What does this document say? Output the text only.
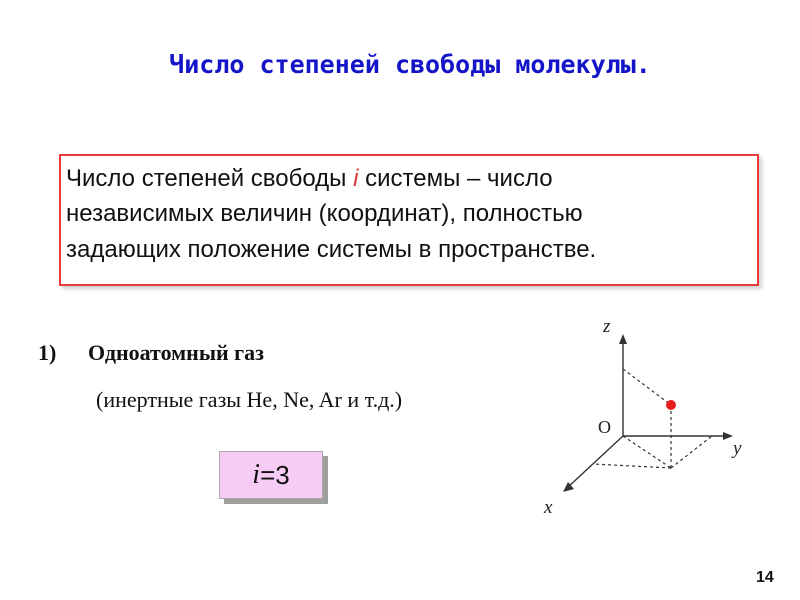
Число степеней свободы молекулы.
Число степеней свободы i системы – число
независимых величин (координат), полностью
задающих положение системы в пространстве.
1) Одноатомный газ
(инертные газы He, Ne, Ar и т.д.)
i =3
z
y
x
O
14
